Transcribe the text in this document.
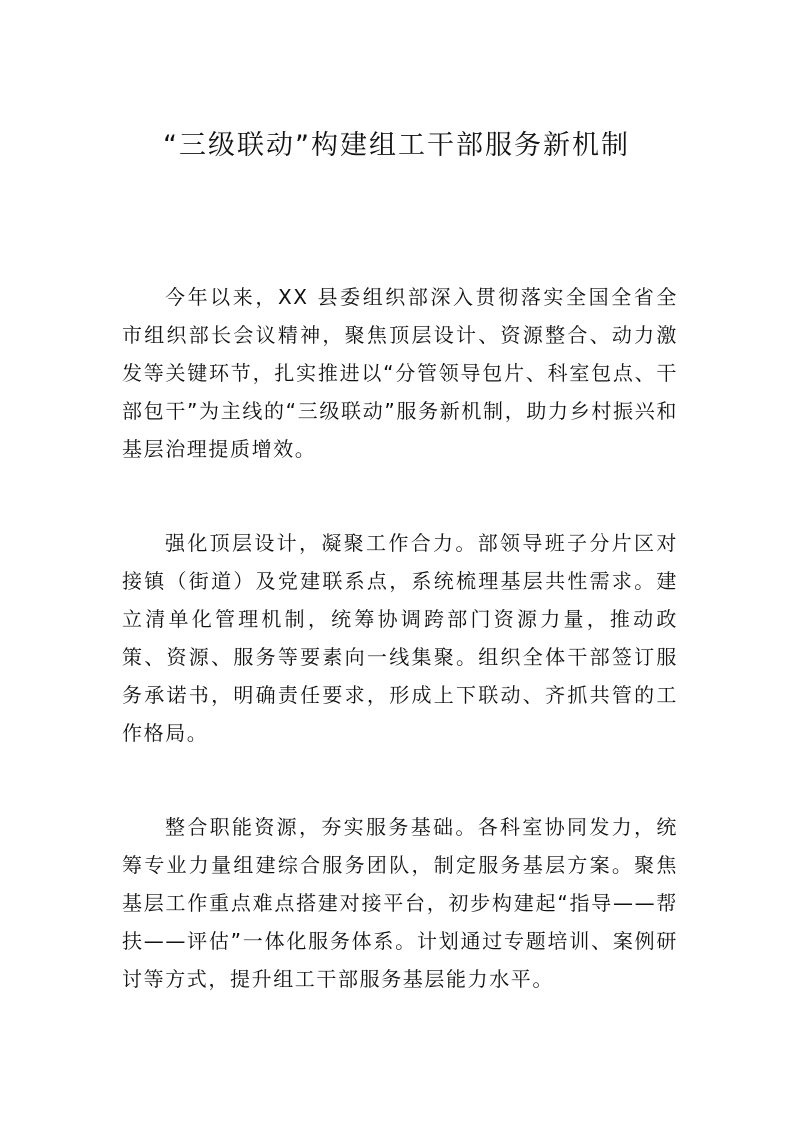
“三级联动”构建组工干部服务新机制

今年以来，XX 县委组织部深入贯彻落实全国全省全市组织部长会议精神，聚焦顶层设计、资源整合、动力激发等关键环节，扎实推进以“分管领导包片、科室包点、干部包干”为主线的“三级联动”服务新机制，助力乡村振兴和基层治理提质增效。

强化顶层设计，凝聚工作合力。部领导班子分片区对接镇（街道）及党建联系点，系统梳理基层共性需求。建立清单化管理机制，统筹协调跨部门资源力量，推动政策、资源、服务等要素向一线集聚。组织全体干部签订服务承诺书，明确责任要求，形成上下联动、齐抓共管的工作格局。

整合职能资源，夯实服务基础。各科室协同发力，统筹专业力量组建综合服务团队，制定服务基层方案。聚焦基层工作重点难点搭建对接平台，初步构建起“指导——帮扶——评估”一体化服务体系。计划通过专题培训、案例研讨等方式，提升组工干部服务基层能力水平。
